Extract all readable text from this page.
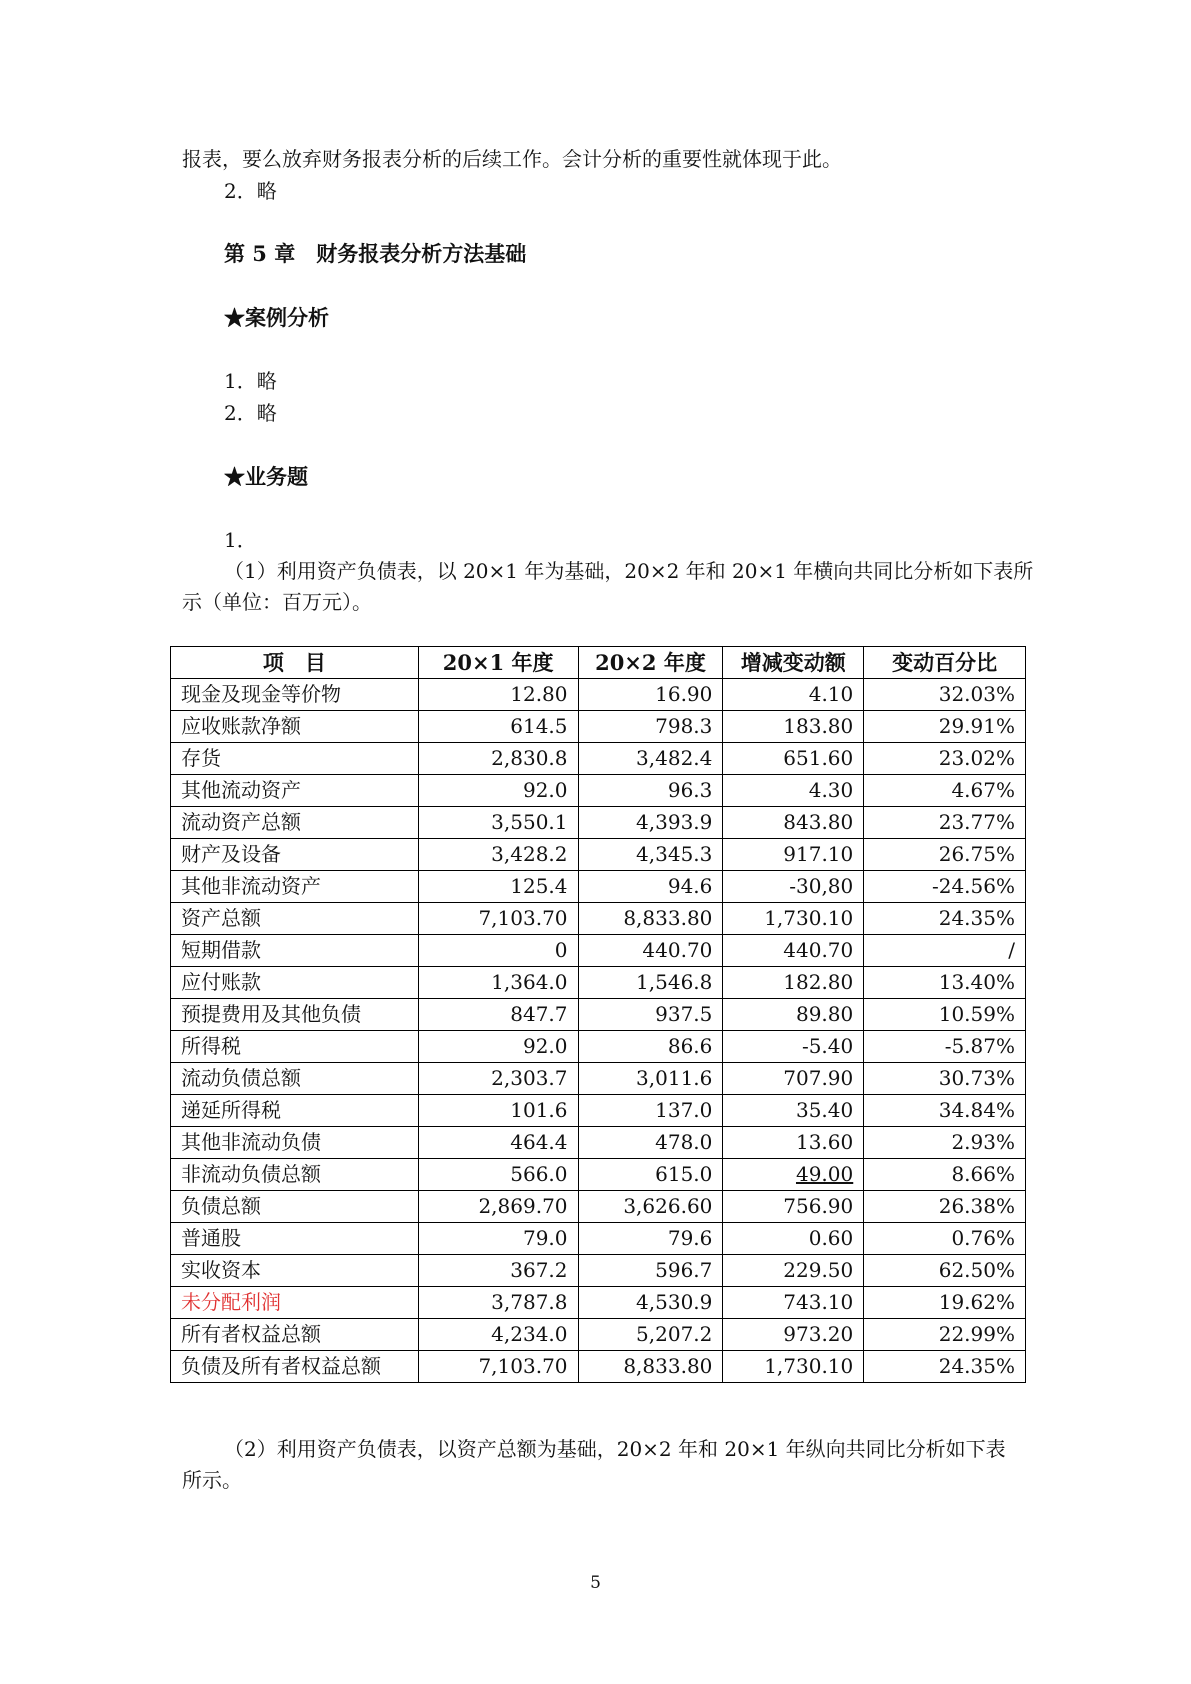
报表，要么放弃财务报表分析的后续工作。会计分析的重要性就体现于此。
2．略
第 5 章　财务报表分析方法基础
★案例分析
1．略
2．略
★业务题
1．
（1）利用资产负债表，以 20×1 年为基础，20×2 年和 20×1 年横向共同比分析如下表所
示（单位：百万元）。
项　目	20×1 年度	20×2 年度	增减变动额	变动百分比
现金及现金等价物	12.80	16.90	4.10	32.03%
应收账款净额	614.5	798.3	183.80	29.91%
存货	2,830.8	3,482.4	651.60	23.02%
其他流动资产	92.0	96.3	4.30	4.67%
流动资产总额	3,550.1	4,393.9	843.80	23.77%
财产及设备	3,428.2	4,345.3	917.10	26.75%
其他非流动资产	125.4	94.6	-30,80	-24.56%
资产总额	7,103.70	8,833.80	1,730.10	24.35%
短期借款	0	440.70	440.70	/
应付账款	1,364.0	1,546.8	182.80	13.40%
预提费用及其他负债	847.7	937.5	89.80	10.59%
所得税	92.0	86.6	-5.40	-5.87%
流动负债总额	2,303.7	3,011.6	707.90	30.73%
递延所得税	101.6	137.0	35.40	34.84%
其他非流动负债	464.4	478.0	13.60	2.93%
非流动负债总额	566.0	615.0	49.00	8.66%
负债总额	2,869.70	3,626.60	756.90	26.38%
普通股	79.0	79.6	0.60	0.76%
实收资本	367.2	596.7	229.50	62.50%
未分配利润	3,787.8	4,530.9	743.10	19.62%
所有者权益总额	4,234.0	5,207.2	973.20	22.99%
负债及所有者权益总额	7,103.70	8,833.80	1,730.10	24.35%
（2）利用资产负债表，以资产总额为基础，20×2 年和 20×1 年纵向共同比分析如下表
所示。
5
